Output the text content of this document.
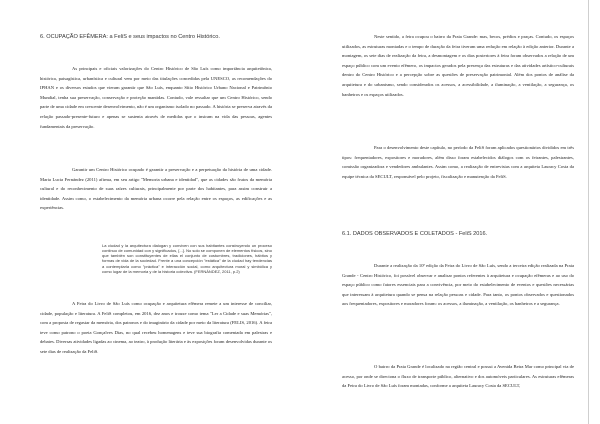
6. OCUPAÇÃO EFÊMERA: a FeliS e seus impactos no Centro Histórico.

As principais e oficiais valorizações do Centro Histórico de São Luís como importância arquitetônica, histórica, paisagística, urbanística e cultural vem por meio das titulações concedidas pela UNESCO, as recomendações do IPHAN e os diversos estudos que vieram garantir que São Luís, enquanto Sítio Histórico Urbano Nacional e Patrimônio Mundial, tenha sua preservação, conservação e proteção mantidas. Contudo, vale ressaltar que um Centro Histórico, sendo parte de uma cidade em crescente desenvolvimento, não é um organismo isolado no passado. A história se preserva através da relação passado-presente-futuro e apenas se sustenta através de medidas que o insiram na vida das pessoas, agentes fundamentais da preservação.

Garantir um Centro Histórico ocupado é garantir a preservação e a perpetuação da história de uma cidade. Maria Lucia Fernández (2011) afirma, em seu artigo "Memoria urbana e identidad", que as cidades são frutos da memória cultural e do reconhecimento de suas raízes culturais, principalmente por parte dos habitantes, para assim construir a identidade. Assim como, o estabelecimento da memória urbana ocorre pela relação entre os espaços, as edificações e as experiências.

La ciudad y la arquitectura dialogan y conviven con sus habitantes construyendo un proceso continuo de comunidad con y significados, [...]. No solo se componen de elementos físicos, sino que también son constituyentes de ellas el conjunto de costumbres, tradiciones, hábitos y formas de vida de la sociedad. Frente a una concepción "estática" de la ciudad hay tendencias a contemplarla como "práctica" e interacción social, como arquitectura moral y simbólica y como lugar de la memoria y de la historia colectiva. (FERNÁNDEZ, 2011, p.2)

A Feira do Livro de São Luís como ocupação e arquitetura efêmera remete a um interesse de conciliar, cidade, população e literatura. A FeliS completou, em 2016, dez anos e trouxe como tema "Ler a Cidade e suas Memórias", com a proposta de regastar da memória, dos patronos e do imaginário da cidade por meio da literatura (FELIS, 2016). A feira teve como patrono o poeta Gonçalves Dias, no qual recebeu homenagens e teve sua biografia comentada em palestras e debates. Diversas atividades ligadas ao cinema, ao teatro, à produção literária e às exposições foram desenvolvidas durante os sete dias de realização da FeliS.

Neste sentido, a feira ocupou o bairro da Praia Grande: mas, becos, prédios e praças. Contudo, os espaços utilizados, as estruturas montadas e o tempo de duração da feira tiveram uma redução em relação à edição anterior. Durante a montagem, os sete dias de realização da feira, a desmontagem e os dias posteriores à feira foram observados a relação de um espaço público com um evento efêmero, os impactos gerados pela presença das estruturas e das atividades artístico-culturais dentro do Centro Histórico e a percepção sobre as questões de preservação patrimonial. Além dos pontos de análise da arquitetura e do urbanismo, sendo considerados os acessos, a acessibilidade, a iluminação, a ventilação, a segurança, os banheiros e os espaços utilizados.

Para o desenvolvimento deste capítulo, no período da FeliS foram aplicados questionários divididos em três tipos: frequentadores, expositores e moradores, além disso foram estabelecidos diálogos com os feirantes, palestrantes, comissão organizadora e vendedores ambulantes. Assim como, a realização de entrevistas com a arquiteta Lauracy Costa da equipe técnica da SECULT, responsável pelo projeto, fiscalização e manutenção da FeliS.

6.1. DADOS OBSERVADOS E COLETADOS - FeliS 2016.

Durante a realização da 10ª edição da Feira do Livro de São Luís, sendo a terceira edição realizada na Praia Grande - Centro Histórico, foi possível observar e analisar pontos referentes à arquitetura e ocupação efêmeras e ao uso do espaço público como fatores essenciais para a convivência, por meio do estabelecimento de eventos e questões necessárias que interessam à arquitetura quando se pensa na relação pessoas e cidade. Para tanto, os pontos observados e questionados aos frequentadores, expositores e moradores foram: os acessos, a iluminação, a ventilação, os banheiros e a segurança.

O bairro da Praia Grande é localizado na região central e possui a Avenida Beira Mar como principal via de acesso, por onde se direciona o fluxo de transporte público, alternativo e dos automóveis particulares. As estruturas efêmeras da Feira do Livro de São Luís foram montadas, conforme a arquiteta Lauracy Costa da SECULT,
